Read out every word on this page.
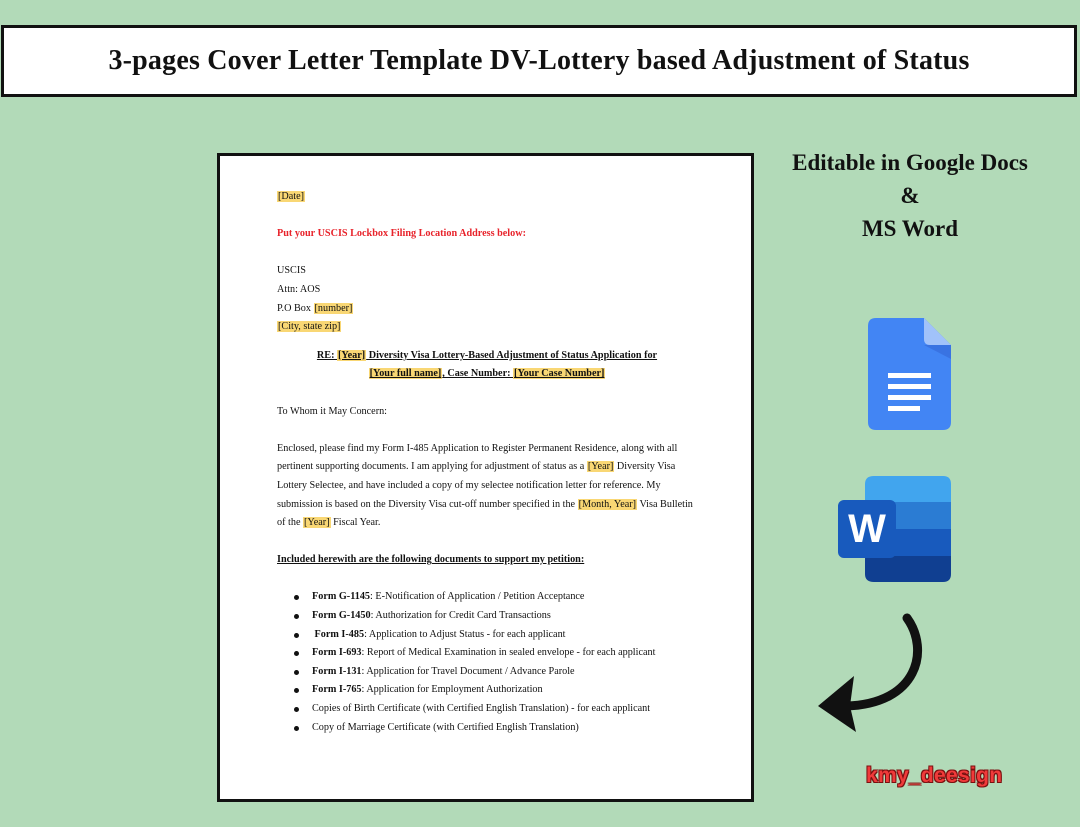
3-pages Cover Letter Template DV-Lottery based Adjustment of Status
[Date]
Put your USCIS Lockbox Filing Location Address below:
USCIS
Attn: AOS
P.O Box [number]
[City, state zip]
RE: [Year] Diversity Visa Lottery-Based Adjustment of Status Application for
[Your full name], Case Number: [Your Case Number]
To Whom it May Concern:
Enclosed, please find my Form I-485 Application to Register Permanent Residence, along with all pertinent supporting documents. I am applying for adjustment of status as a [Year] Diversity Visa Lottery Selectee, and have included a copy of my selectee notification letter for reference. My submission is based on the Diversity Visa cut-off number specified in the [Month, Year] Visa Bulletin of the [Year] Fiscal Year.
Included herewith are the following documents to support my petition:
Form G-1145: E-Notification of Application / Petition Acceptance
Form G-1450: Authorization for Credit Card Transactions
Form I-485: Application to Adjust Status - for each applicant
Form I-693: Report of Medical Examination in sealed envelope - for each applicant
Form I-131: Application for Travel Document / Advance Parole
Form I-765: Application for Employment Authorization
Copies of Birth Certificate (with Certified English Translation) - for each applicant
Copy of Marriage Certificate (with Certified English Translation)
Editable in Google Docs
&
MS Word
W
kmy_deesign
